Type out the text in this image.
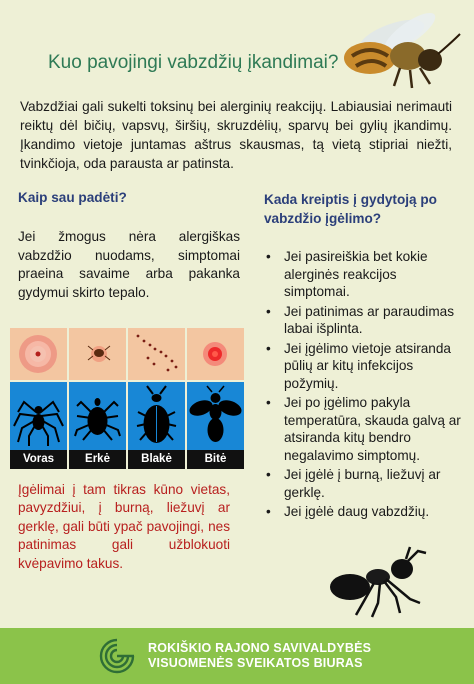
Kuo pavojingi vabzdžių įkandimai?

Vabzdžiai gali sukelti toksinų bei alerginių reakcijų. Labiausiai nerimauti reiktų dėl bičių, vapsvų, širšių, skruzdėlių, sparvų bei gylių įkandimų. Įkandimo vietoje juntamas aštrus skausmas, tą vietą stipriai niežti, tvinkčioja, oda parausta ar patinsta.

Kaip sau padėti?

Jei žmogus nėra alergiškas vabzdžio nuodams, simptomai praeina savaime arba pakanka gydymui skirto tepalo.

Kada kreiptis į gydytoją po vabzdžio įgėlimo?
• Jei pasireiškia bet kokie alerginės reakcijos simptomai.
• Jei patinimas ar paraudimas labai išplinta.
• Jei įgėlimo vietoje atsiranda pūlių ar kitų infekcijos požymių.
• Jei po įgėlimo pakyla temperatūra, skauda galvą ar atsiranda kitų bendro negalavimo simptomų.
• Jei įgėlė į burną, liežuvį ar gerklę.
• Jei įgėlė daug vabzdžių.
Voras	Erkė	Blakė	Bitė

Įgėlimai į tam tikras kūno vietas, pavyzdžiui, į burną, liežuvį ar gerklę, gali būti ypač pavojingi, nes patinimas gali užblokuoti kvėpavimo takus.

ROKIŠKIO RAJONO SAVIVALDYBĖS
VISUOMENĖS SVEIKATOS BIURAS
